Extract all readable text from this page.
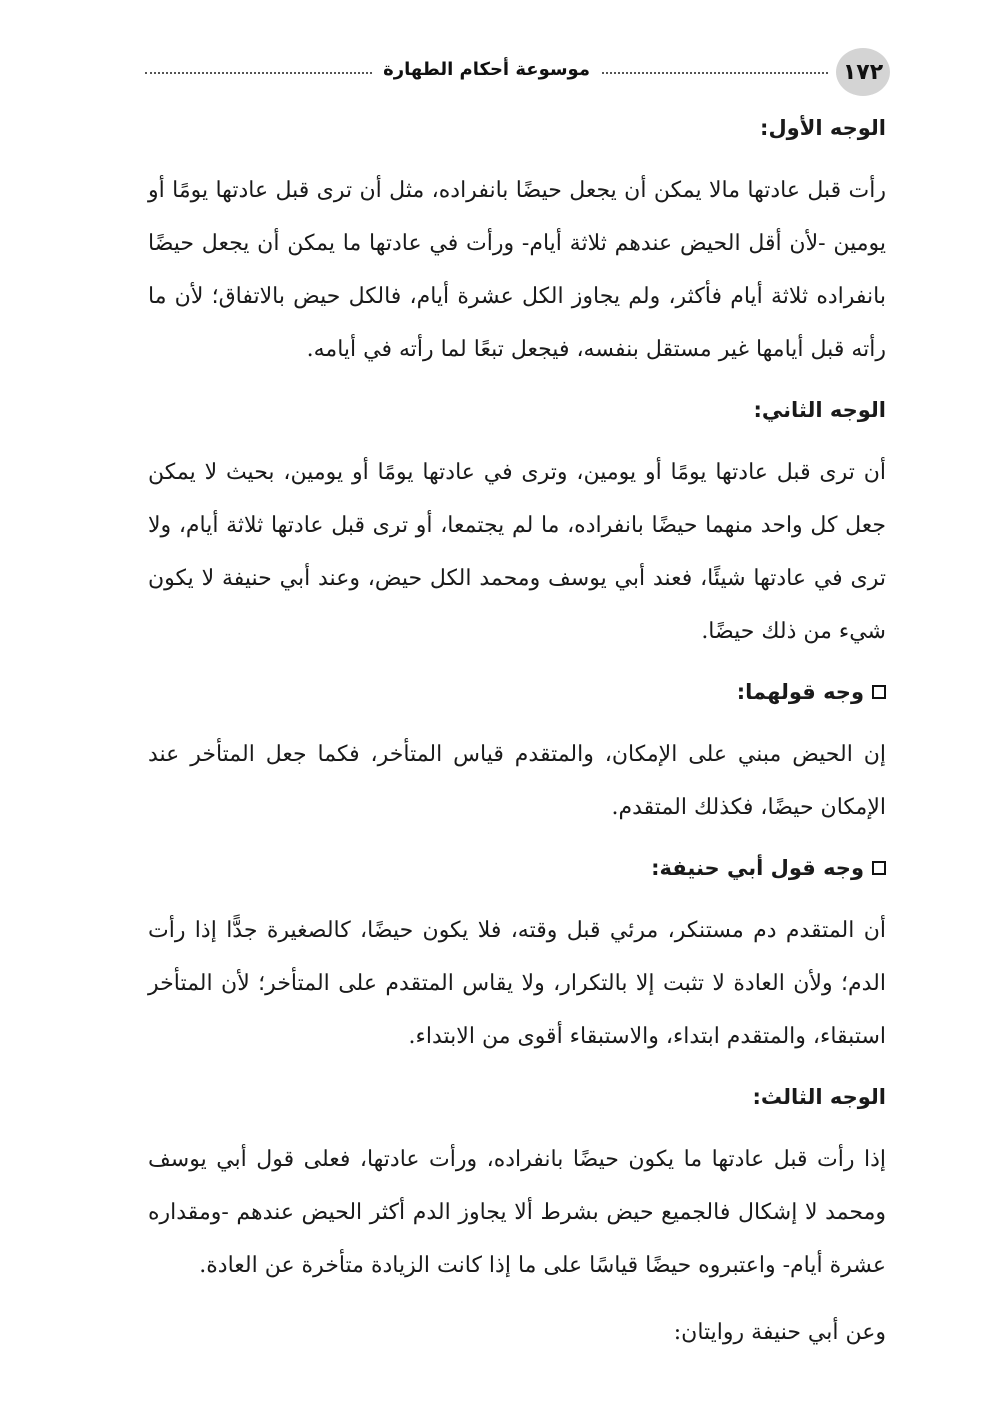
موسوعة أحكام الطهارة	١٧٢
الوجه الأول:

رأت قبل عادتها مالا يمكن أن يجعل حيضًا بانفراده، مثل أن ترى قبل عادتها يومًا أو يومين -لأن أقل الحيض عندهم ثلاثة أيام- ورأت في عادتها ما يمكن أن يجعل حيضًا بانفراده ثلاثة أيام فأكثر، ولم يجاوز الكل عشرة أيام، فالكل حيض بالاتفاق؛ لأن ما رأته قبل أيامها غير مستقل بنفسه، فيجعل تبعًا لما رأته في أيامه.

الوجه الثاني:

أن ترى قبل عادتها يومًا أو يومين، وترى في عادتها يومًا أو يومين، بحيث لا يمكن جعل كل واحد منهما حيضًا بانفراده، ما لم يجتمعا، أو ترى قبل عادتها ثلاثة أيام، ولا ترى في عادتها شيئًا، فعند أبي يوسف ومحمد الكل حيض، وعند أبي حنيفة لا يكون شيء من ذلك حيضًا.

وجه قولهما:

إن الحيض مبني على الإمكان، والمتقدم قياس المتأخر، فكما جعل المتأخر عند الإمكان حيضًا، فكذلك المتقدم.

وجه قول أبي حنيفة:

أن المتقدم دم مستنكر، مرئي قبل وقته، فلا يكون حيضًا، كالصغيرة جدًّا إذا رأت الدم؛ ولأن العادة لا تثبت إلا بالتكرار، ولا يقاس المتقدم على المتأخر؛ لأن المتأخر استبقاء، والمتقدم ابتداء، والاستبقاء أقوى من الابتداء.

الوجه الثالث:

إذا رأت قبل عادتها ما يكون حيضًا بانفراده، ورأت عادتها، فعلى قول أبي يوسف ومحمد لا إشكال فالجميع حيض بشرط ألا يجاوز الدم أكثر الحيض عندهم -ومقداره عشرة أيام- واعتبروه حيضًا قياسًا على ما إذا كانت الزيادة متأخرة عن العادة.

وعن أبي حنيفة روايتان:
